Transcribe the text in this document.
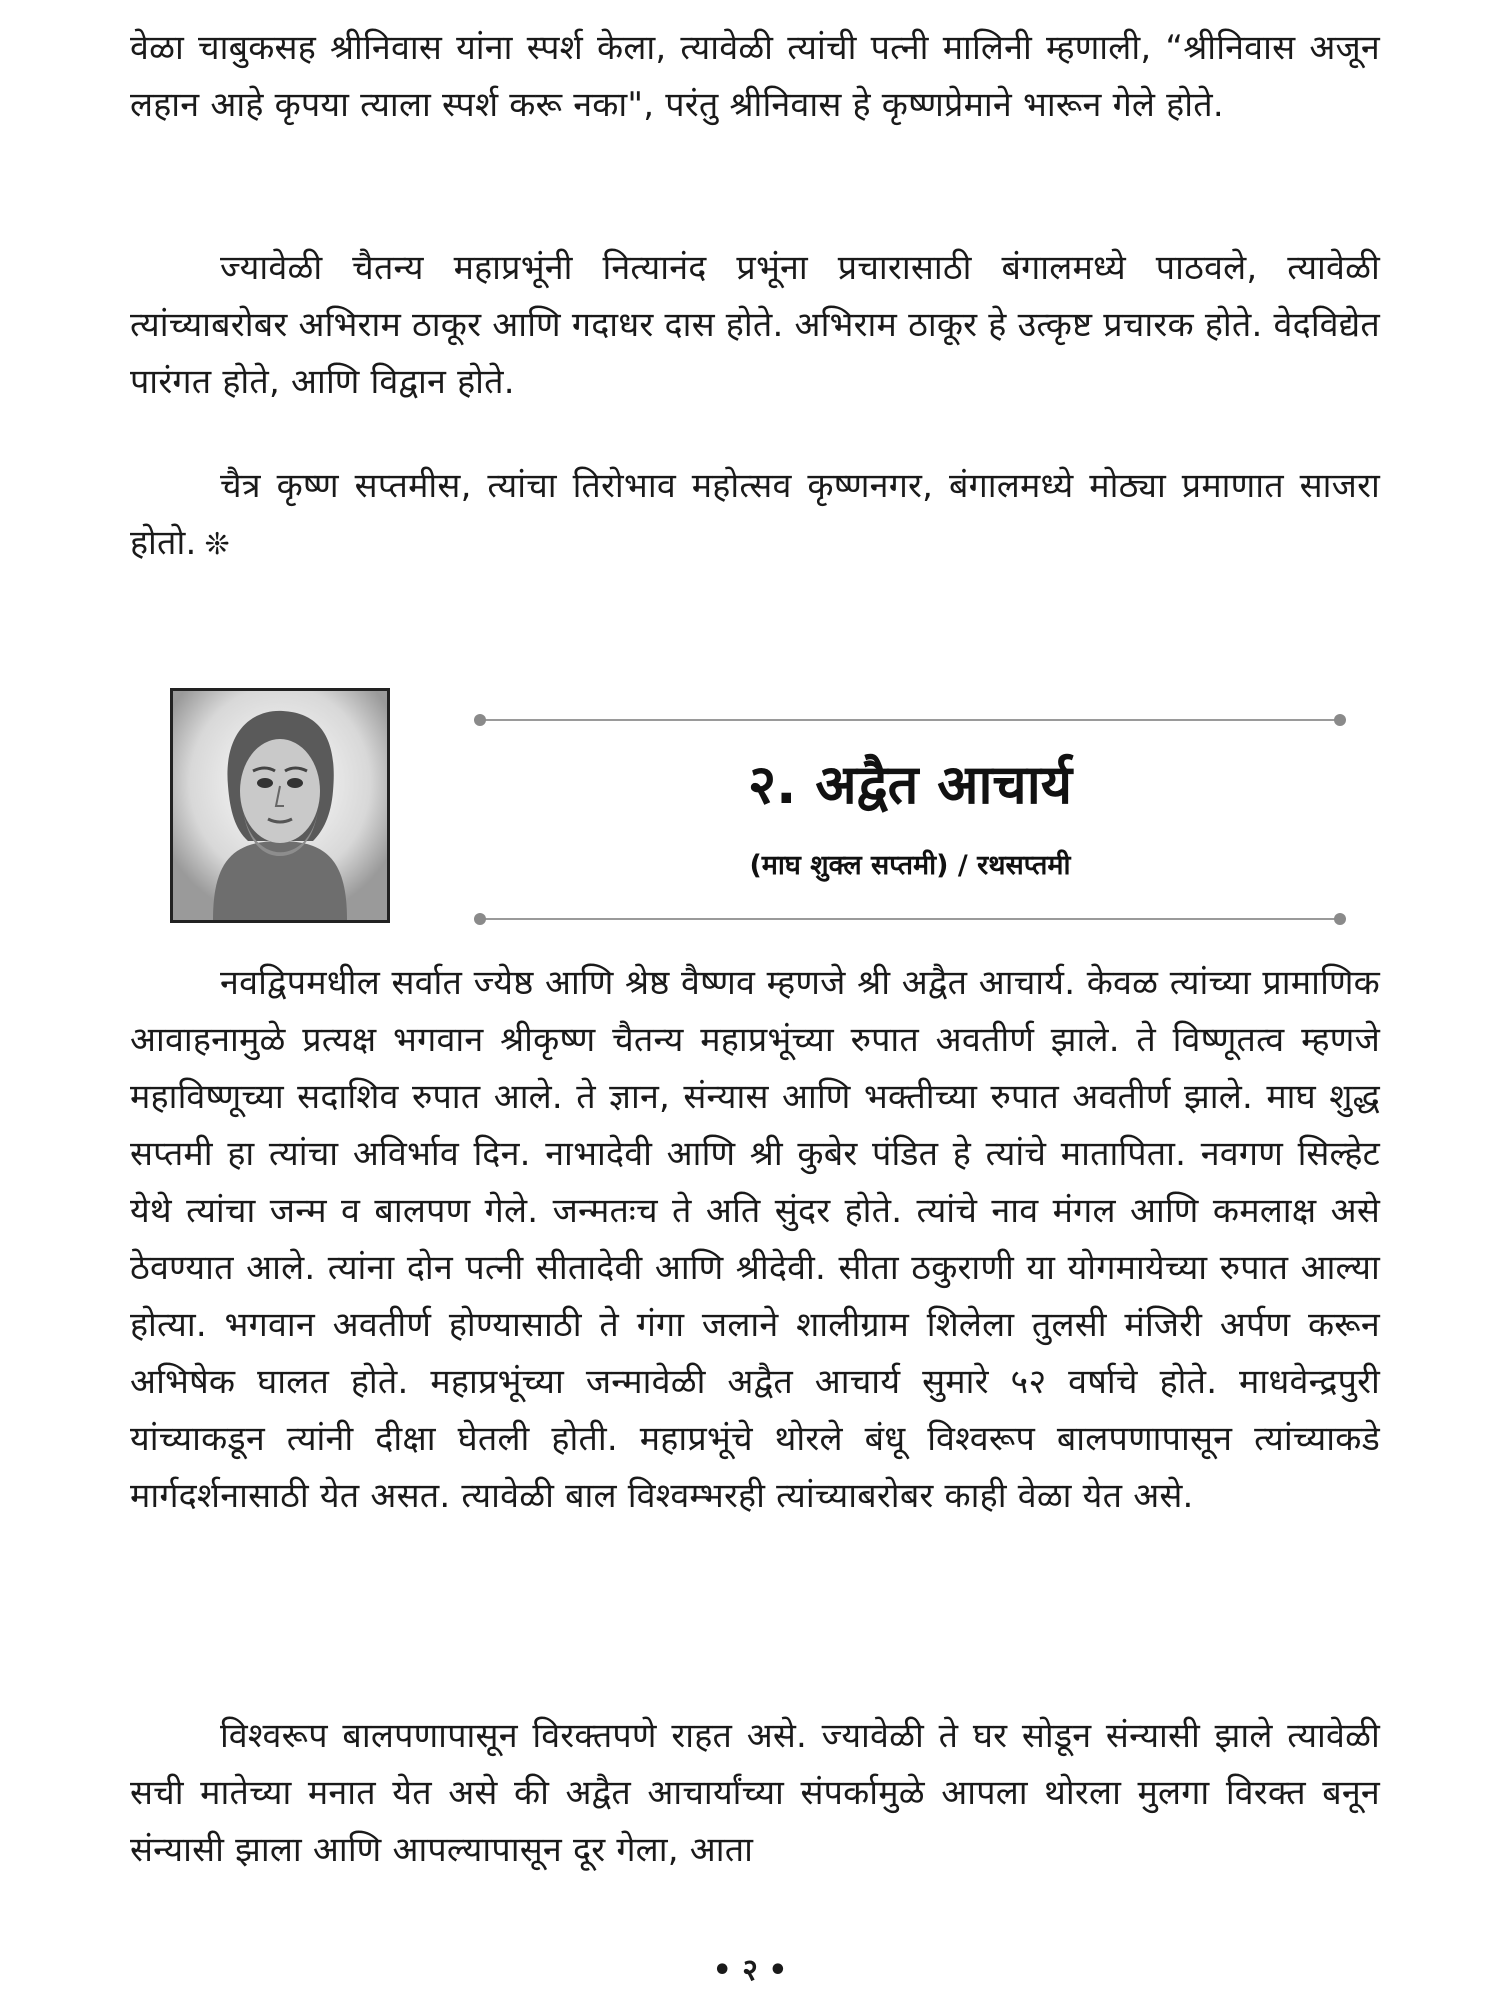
वेळा चाबुकसह श्रीनिवास यांना स्पर्श केला, त्यावेळी त्यांची पत्नी मालिनी म्हणाली, “श्रीनिवास अजून लहान आहे कृपया त्याला स्पर्श करू नका", परंतु श्रीनिवास हे कृष्णप्रेमाने भारून गेले होते.

ज्यावेळी चैतन्य महाप्रभूंनी नित्यानंद प्रभूंना प्रचारासाठी बंगालमध्ये पाठवले, त्यावेळी त्यांच्याबरोबर अभिराम ठाकूर आणि गदाधर दास होते. अभिराम ठाकूर हे उत्कृष्ट प्रचारक होते. वेदविद्येत पारंगत होते, आणि विद्वान होते.

चैत्र कृष्ण सप्तमीस, त्यांचा तिरोभाव महोत्सव कृष्णनगर, बंगालमध्ये मोठ्या प्रमाणात साजरा होतो. ❊

२. अद्वैत आचार्य

(माघ शुक्ल सप्तमी) / रथसप्तमी

नवद्विपमधील सर्वात ज्येष्ठ आणि श्रेष्ठ वैष्णव म्हणजे श्री अद्वैत आचार्य. केवळ त्यांच्या प्रामाणिक आवाहनामुळे प्रत्यक्ष भगवान श्रीकृष्ण चैतन्य महाप्रभूंच्या रुपात अवतीर्ण झाले. ते विष्णूतत्व म्हणजे महाविष्णूच्या सदाशिव रुपात आले. ते ज्ञान, संन्यास आणि भक्तीच्या रुपात अवतीर्ण झाले. माघ शुद्ध सप्तमी हा त्यांचा अविर्भाव दिन. नाभादेवी आणि श्री कुबेर पंडित हे त्यांचे मातापिता. नवगण सिल्हेट येथे त्यांचा जन्म व बालपण गेले. जन्मतःच ते अति सुंदर होते. त्यांचे नाव मंगल आणि कमलाक्ष असे ठेवण्यात आले. त्यांना दोन पत्नी सीतादेवी आणि श्रीदेवी. सीता ठकुराणी या योगमायेच्या रुपात आल्या होत्या. भगवान अवतीर्ण होण्यासाठी ते गंगा जलाने शालीग्राम शिलेला तुलसी मंजिरी अर्पण करून अभिषेक घालत होते. महाप्रभूंच्या जन्मावेळी अद्वैत आचार्य सुमारे ५२ वर्षाचे होते. माधवेन्द्रपुरी यांच्याकडून त्यांनी दीक्षा घेतली होती. महाप्रभूंचे थोरले बंधू विश्वरूप बालपणापासून त्यांच्याकडे मार्गदर्शनासाठी येत असत. त्यावेळी बाल विश्वम्भरही त्यांच्याबरोबर काही वेळा येत असे.

विश्वरूप बालपणापासून विरक्तपणे राहत असे. ज्यावेळी ते घर सोडून संन्यासी झाले त्यावेळी सची मातेच्या मनात येत असे की अद्वैत आचार्यांच्या संपर्कामुळे आपला थोरला मुलगा विरक्त बनून संन्यासी झाला आणि आपल्यापासून दूर गेला, आता

• २ •
